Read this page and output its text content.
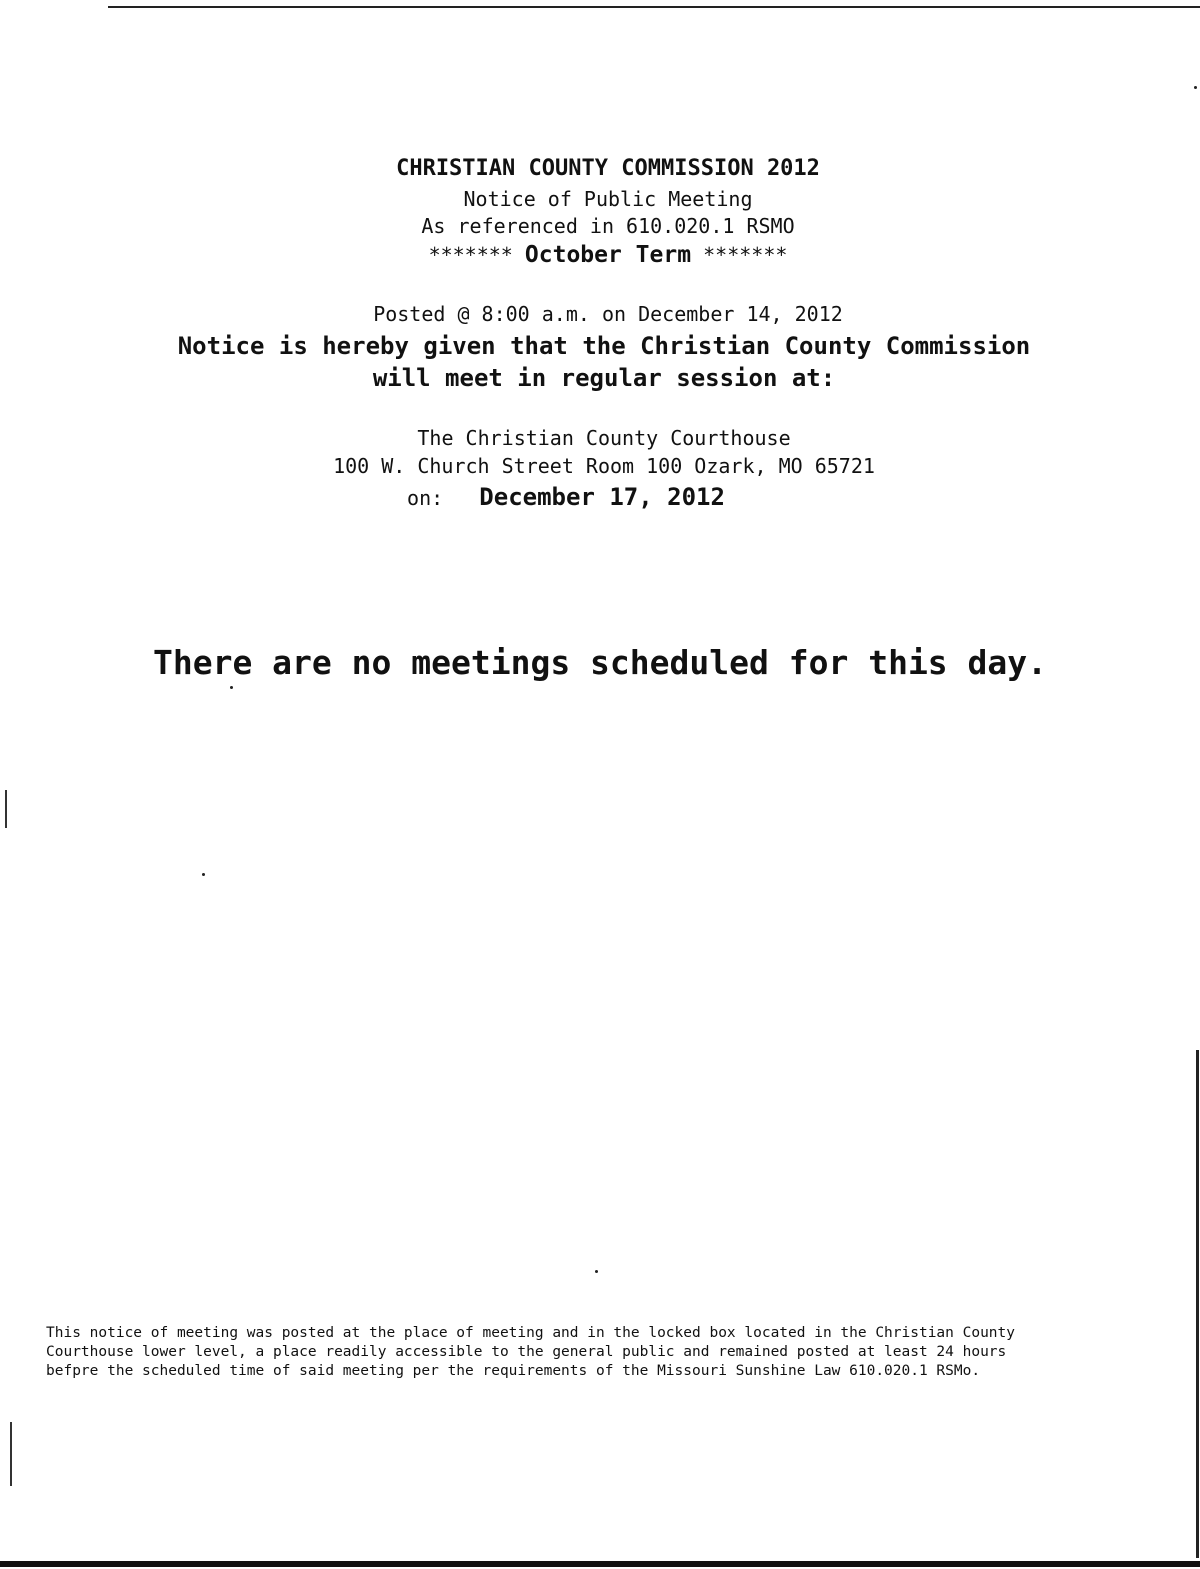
CHRISTIAN COUNTY COMMISSION 2012
Notice of Public Meeting
As referenced in 610.020.1 RSMO
******* October Term *******
Posted @ 8:00 a.m. on December 14, 2012
Notice is hereby given that the Christian County Commission
will meet in regular session at:
The Christian County Courthouse
100 W. Church Street Room 100 Ozark, MO 65721
on: December 17, 2012
There are no meetings scheduled for this day.
This notice of meeting was posted at the place of meeting and in the locked box located in the Christian County
Courthouse lower level, a place readily accessible to the general public and remained posted at least 24 hours
befpre the scheduled time of said meeting per the requirements of the Missouri Sunshine Law 610.020.1 RSMo.
